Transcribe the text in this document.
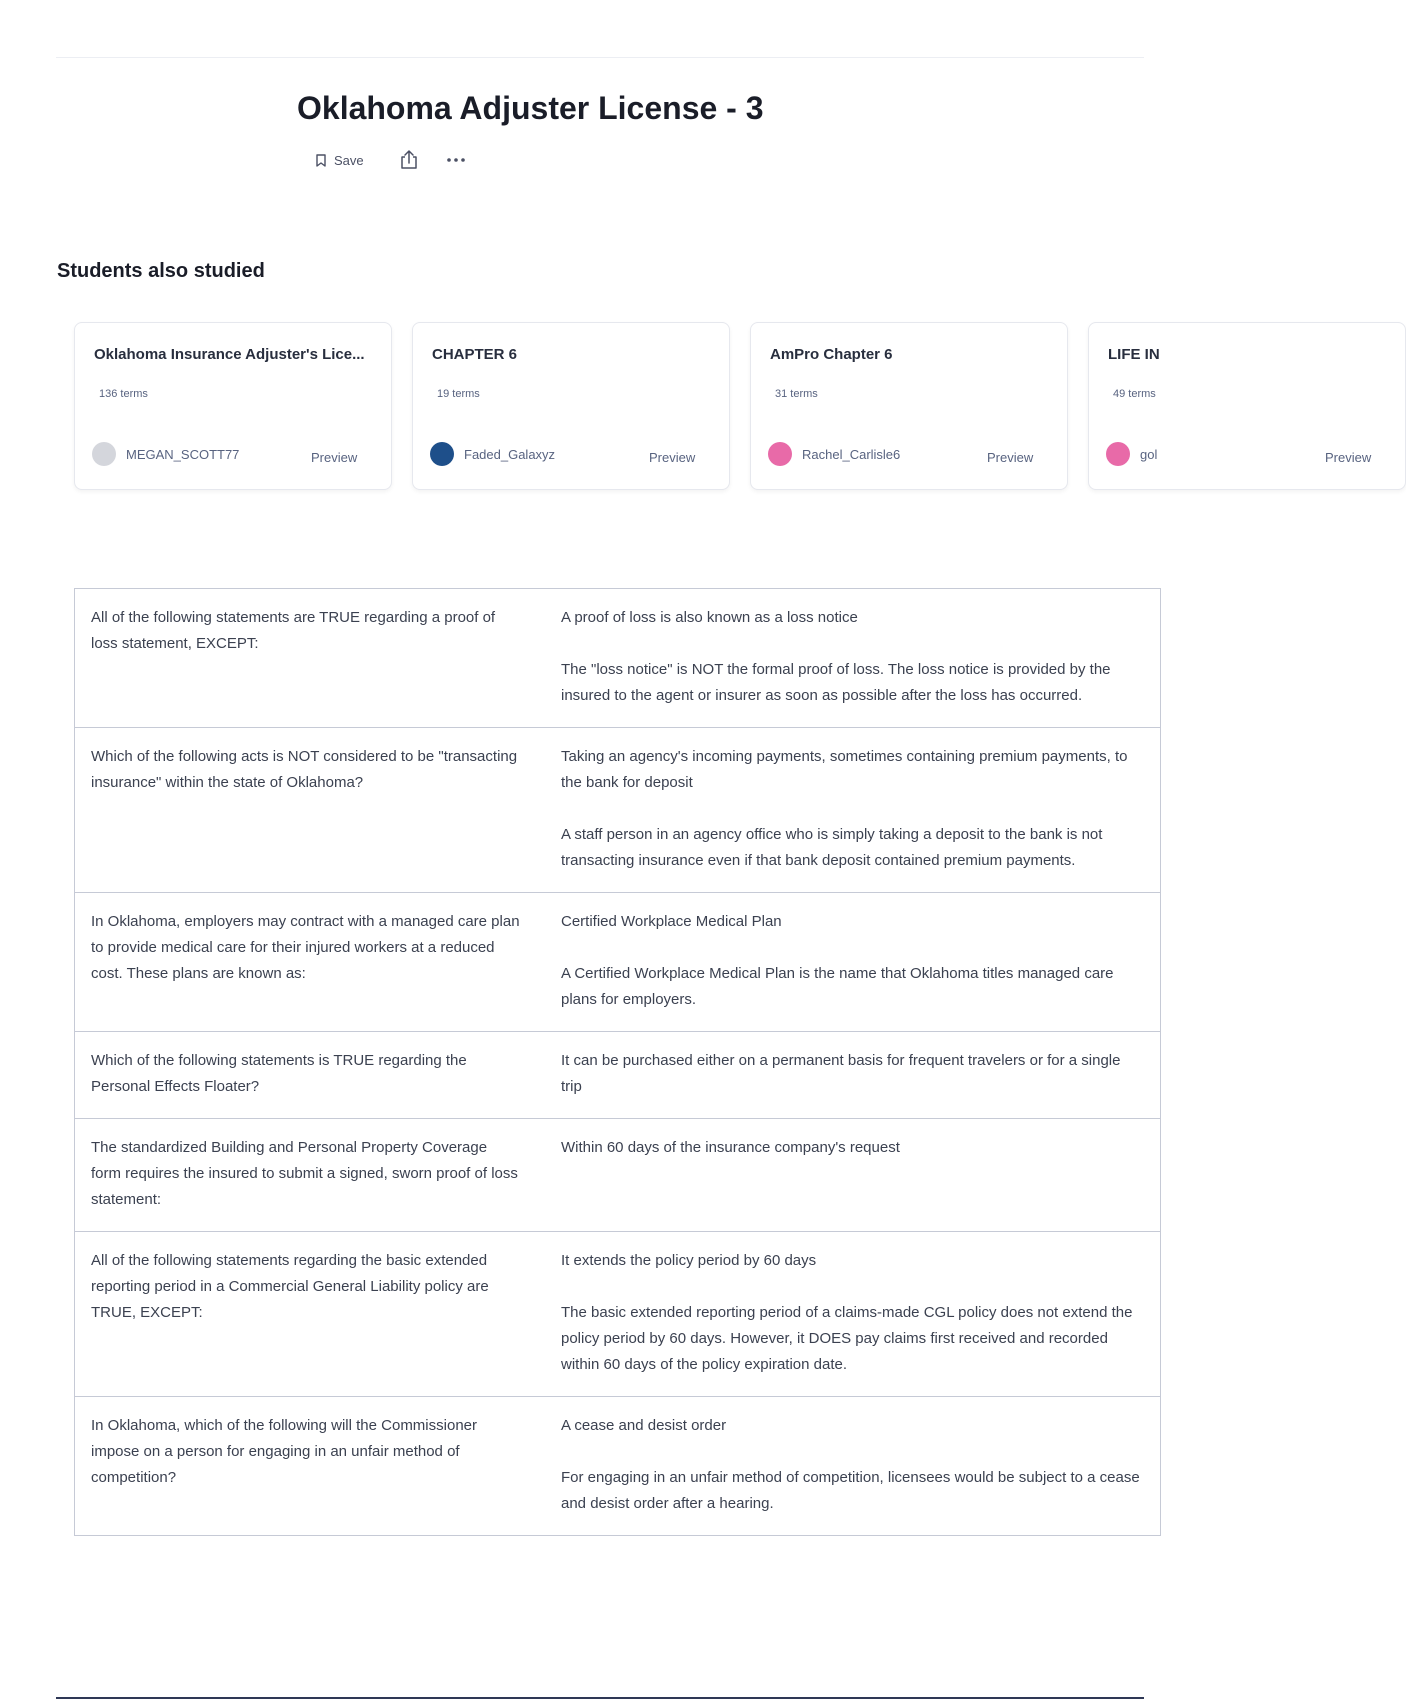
Oklahoma Adjuster License - 3
Save
Students also studied
Oklahoma Insurance Adjuster's Lice...
136 terms
MEGAN_SCOTT77	Preview
CHAPTER 6
19 terms
Faded_Galaxyz	Preview
AmPro Chapter 6
31 terms
Rachel_Carlisle6	Preview
LIFE IN
49 terms
gol	Preview
All of the following statements are TRUE regarding a proof of loss statement, EXCEPT:	A proof of loss is also known as a loss notice

The "loss notice" is NOT the formal proof of loss. The loss notice is provided by the insured to the agent or insurer as soon as possible after the loss has occurred.

Which of the following acts is NOT considered to be "transacting insurance" within the state of Oklahoma?	Taking an agency's incoming payments, sometimes containing premium payments, to the bank for deposit

A staff person in an agency office who is simply taking a deposit to the bank is not transacting insurance even if that bank deposit contained premium payments.

In Oklahoma, employers may contract with a managed care plan to provide medical care for their injured workers at a reduced cost. These plans are known as:	Certified Workplace Medical Plan

A Certified Workplace Medical Plan is the name that Oklahoma titles managed care plans for employers.

Which of the following statements is TRUE regarding the Personal Effects Floater?	It can be purchased either on a permanent basis for frequent travelers or for a single trip

The standardized Building and Personal Property Coverage form requires the insured to submit a signed, sworn proof of loss statement:	Within 60 days of the insurance company's request

All of the following statements regarding the basic extended reporting period in a Commercial General Liability policy are TRUE, EXCEPT:	It extends the policy period by 60 days

The basic extended reporting period of a claims-made CGL policy does not extend the policy period by 60 days. However, it DOES pay claims first received and recorded within 60 days of the policy expiration date.

In Oklahoma, which of the following will the Commissioner impose on a person for engaging in an unfair method of competition?	A cease and desist order

For engaging in an unfair method of competition, licensees would be subject to a cease and desist order after a hearing.
